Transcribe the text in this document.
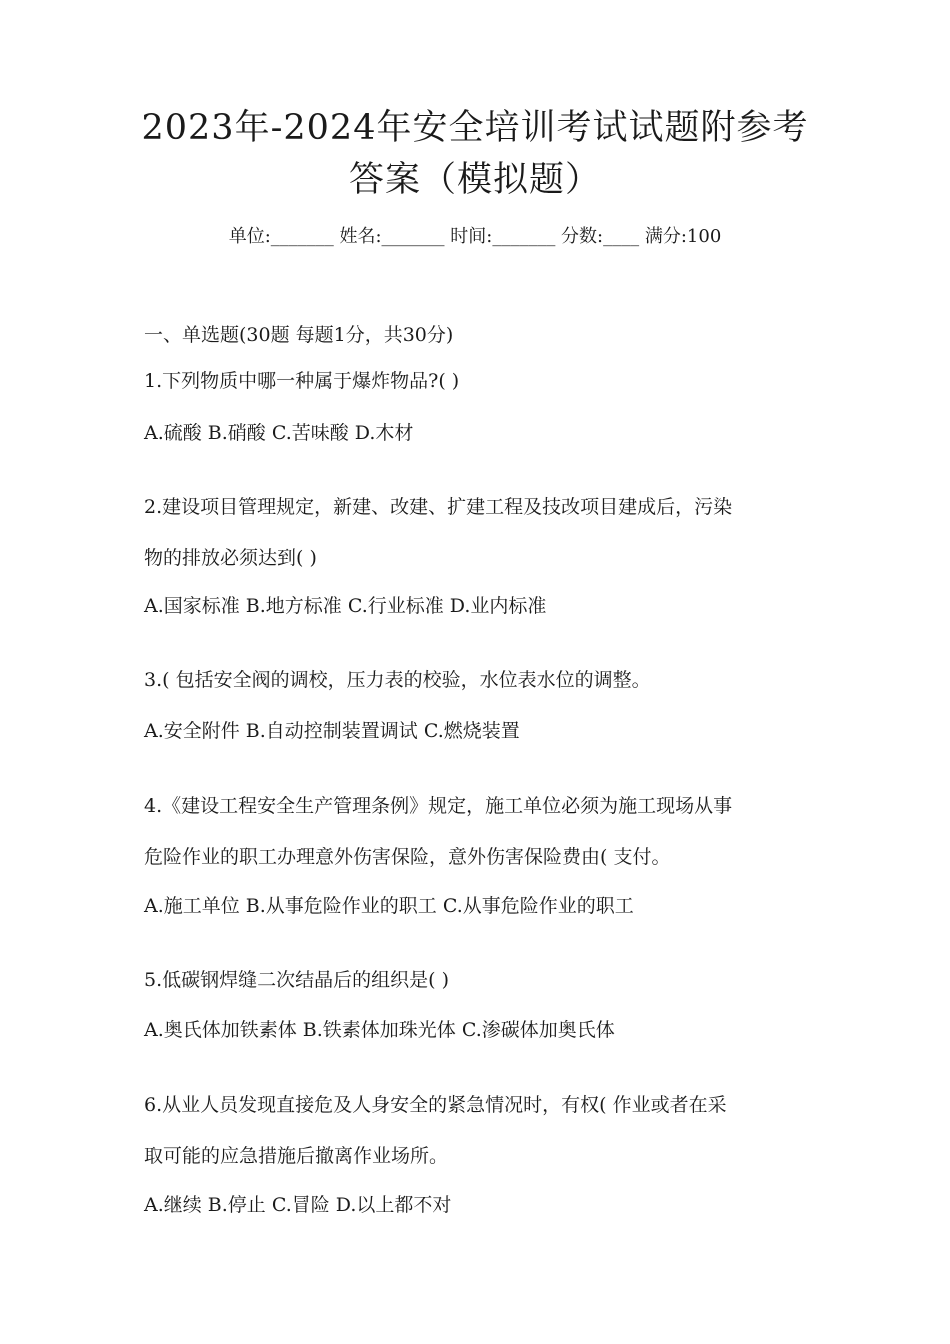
2023年-2024年安全培训考试试题附参考
答案（模拟题）
单位:_______ 姓名:_______ 时间:_______ 分数:____ 满分:100
一、单选题(30题 每题1分，共30分)
1.下列物质中哪一种属于爆炸物品?( )
A.硫酸 B.硝酸 C.苦味酸 D.木材
2.建设项目管理规定，新建、改建、扩建工程及技改项目建成后，污染
物的排放必须达到( )
A.国家标准 B.地方标准 C.行业标准 D.业内标准
3.( 包括安全阀的调校，压力表的校验，水位表水位的调整。
A.安全附件 B.自动控制装置调试 C.燃烧装置
4.《建设工程安全生产管理条例》规定，施工单位必须为施工现场从事
危险作业的职工办理意外伤害保险，意外伤害保险费由( 支付。
A.施工单位 B.从事危险作业的职工 C.从事危险作业的职工
5.低碳钢焊缝二次结晶后的组织是( )
A.奥氏体加铁素体 B.铁素体加珠光体 C.渗碳体加奥氏体
6.从业人员发现直接危及人身安全的紧急情况时，有权( 作业或者在采
取可能的应急措施后撤离作业场所。
A.继续 B.停止 C.冒险 D.以上都不对
